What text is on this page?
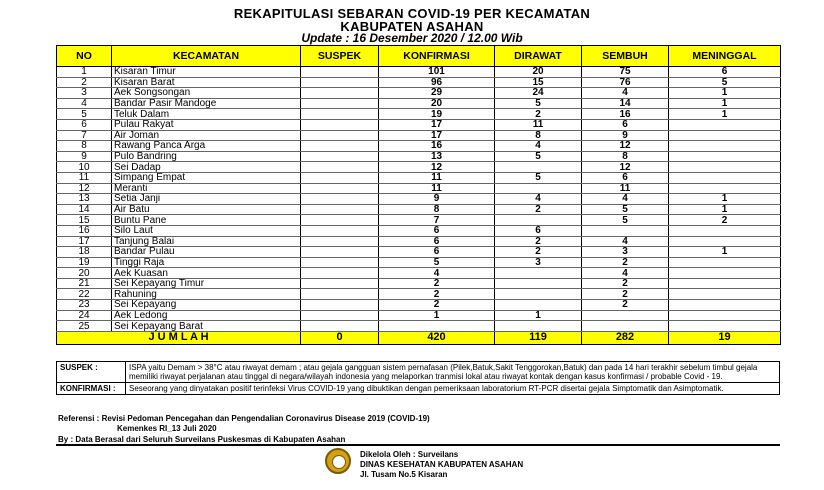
REKAPITULASI SEBARAN COVID-19 PER KECAMATAN
KABUPATEN ASAHAN
Update : 16 Desember 2020 / 12.00 Wib
NO	KECAMATAN	SUSPEK	KONFIRMASI	DIRAWAT	SEMBUH	MENINGGAL
1	Kisaran Timur		101	20	75	6
2	Kisaran Barat		96	15	76	5
3	Aek Songsongan		29	24	4	1
4	Bandar Pasir Mandoge		20	5	14	1
5	Teluk Dalam		19	2	16	1
6	Pulau Rakyat		17	11	6	
7	Air Joman		17	8	9	
8	Rawang Panca Arga		16	4	12	
9	Pulo Bandring		13	5	8	
10	Sei Dadap		12		12	
11	Simpang Empat		11	5	6	
12	Meranti		11		11	
13	Setia Janji		9	4	4	1
14	Air Batu		8	2	5	1
15	Buntu Pane		7		5	2
16	Silo Laut		6	6		
17	Tanjung Balai		6	2	4	
18	Bandar Pulau		6	2	3	1
19	Tinggi Raja		5	3	2	
20	Aek Kuasan		4		4	
21	Sei Kepayang Timur		2		2	
22	Rahuning		2		2	
23	Sei Kepayang		2		2	
24	Aek Ledong		1	1		
25	Sei Kepayang Barat					
J U M L A H		0	420	119	282	19
SUSPEK :	ISPA yaitu Demam > 38°C atau riwayat demam ; atau gejala gangguan sistem pernafasan (Pilek,Batuk,Sakit Tenggorokan,Batuk) dan pada 14 hari terakhir sebelum timbul gejala memiliki riwayat perjalanan atau tinggal di negara/wilayah indonesia yang melaporkan tranmisi lokal atau riwayat kontak dengan kasus konfirmasi / probable Covid - 19.
KONFIRMASI :	Seseorang yang dinyatakan positif terinfeksi Virus COVID-19 yang dibuktikan dengan pemeriksaan laboratorium RT-PCR disertai gejala Simptomatik dan Asimptomatik.
Referensi : Revisi Pedoman Pencegahan dan Pengendalian Coronavirus Disease 2019 (COVID-19)
Kemenkes RI_13 Juli 2020
By : Data Berasal dari Seluruh Surveilans Puskesmas di Kabupaten Asahan
Dikelola Oleh : Surveilans
DINAS KESEHATAN KABUPATEN ASAHAN
Jl. Tusam No.5 Kisaran
